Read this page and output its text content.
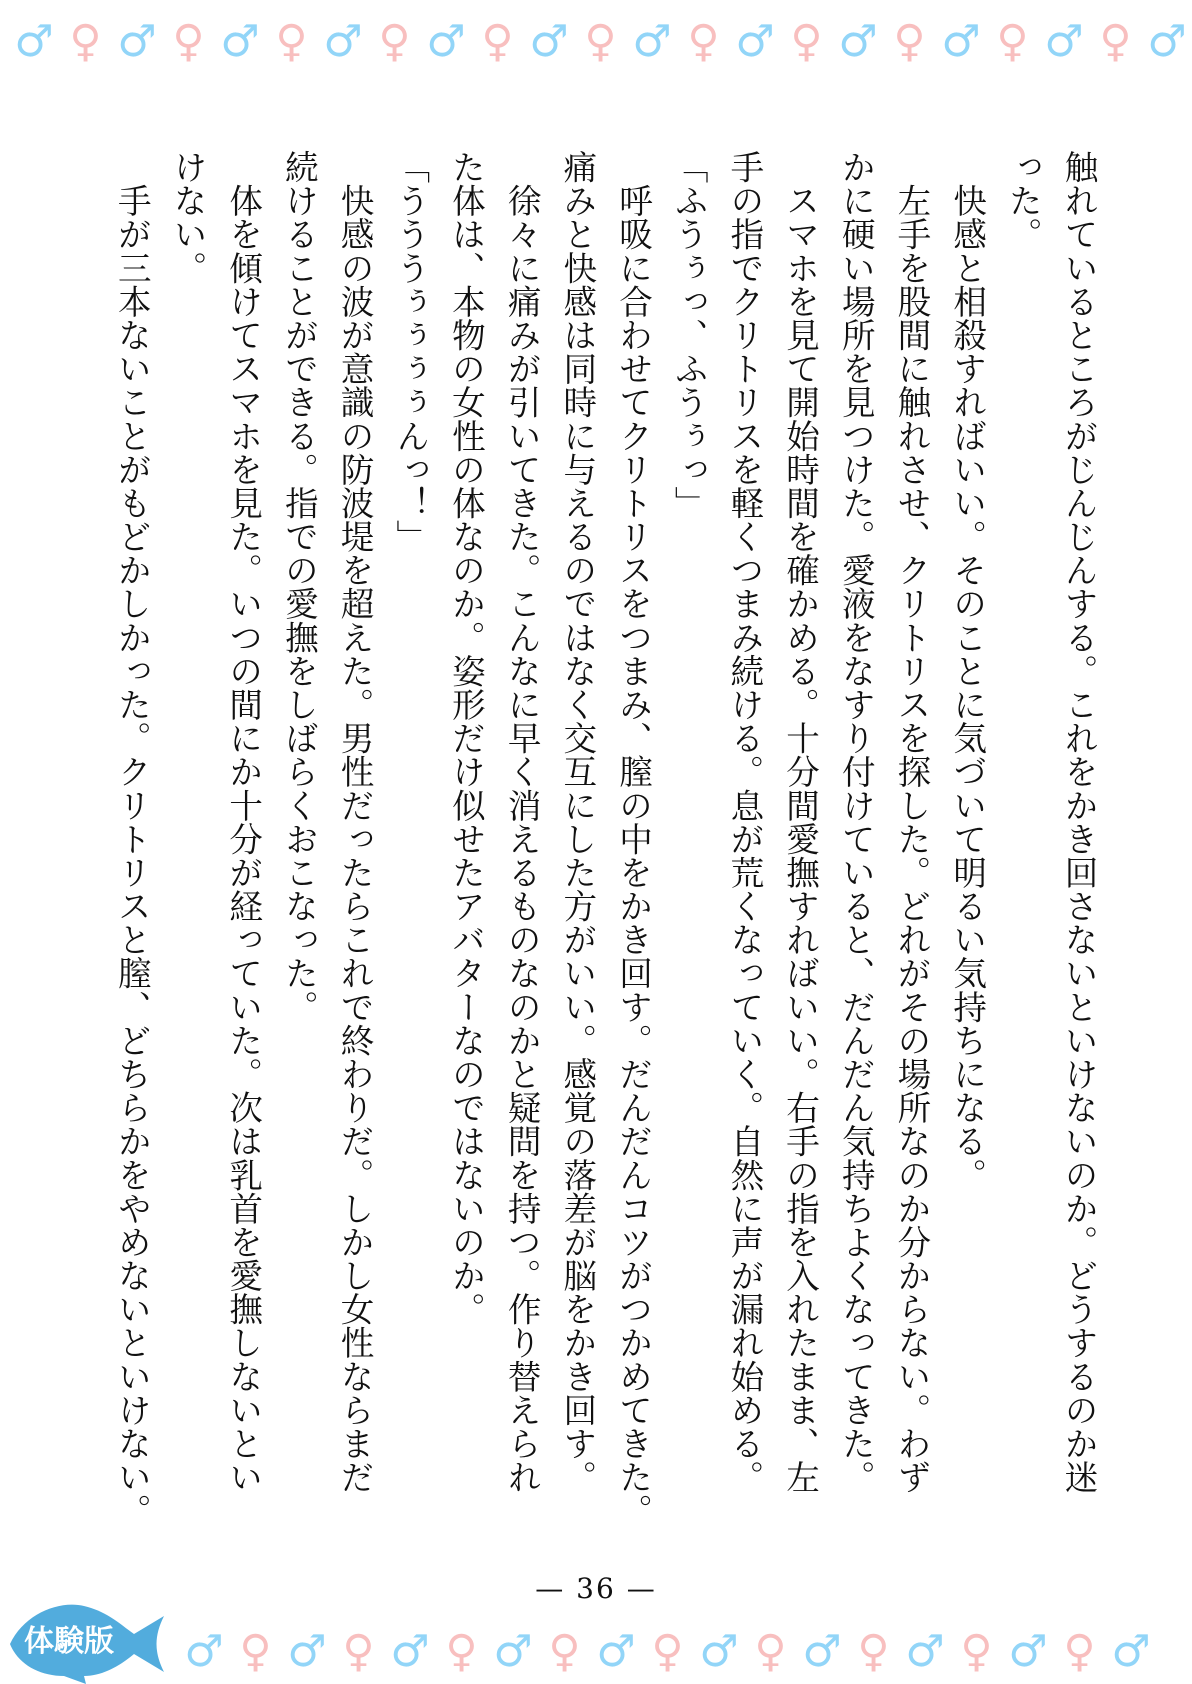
♂ ♀ ♂ ♀ ♂ ♀ ♂ ♀ ♂ ♀ ♂ ♀ ♂ ♀ ♂ ♀ ♂ ♀ ♂ ♀ ♂ ♀ ♂
触れているところがじんじんする。これをかき回さないといけないのか。どうするのか迷
った。
　快感と相殺すればいい。そのことに気づいて明るい気持ちになる。
　左手を股間に触れさせ、クリトリスを探した。どれがその場所なのか分からない。わず
かに硬い場所を見つけた。愛液をなすり付けていると、だんだん気持ちよくなってきた。
　スマホを見て開始時間を確かめる。十分間愛撫すればいい。右手の指を入れたまま、左
手の指でクリトリスを軽くつまみ続ける。息が荒くなっていく。自然に声が漏れ始める。
「ふうぅっ、ふうぅっ」
　呼吸に合わせてクリトリスをつまみ、膣の中をかき回す。だんだんコツがつかめてきた。
痛みと快感は同時に与えるのではなく交互にした方がいい。感覚の落差が脳をかき回す。
　徐々に痛みが引いてきた。こんなに早く消えるものなのかと疑問を持つ。作り替えられ
た体は、本物の女性の体なのか。姿形だけ似せたアバターなのではないのか。
「うううぅぅぅぅんっ！」
　快感の波が意識の防波堤を超えた。男性だったらこれで終わりだ。しかし女性ならまだ
続けることができる。指での愛撫をしばらくおこなった。
　体を傾けてスマホを見た。いつの間にか十分が経っていた。次は乳首を愛撫しないとい
けない。
　手が三本ないことがもどかしかった。クリトリスと膣、どちらかをやめないといけない。
— 36 —
♂ ♀ ♂ ♀ ♂ ♀ ♂ ♀ ♂ ♀ ♂ ♀ ♂ ♀ ♂ ♀ ♂ ♀ ♂
体験版
